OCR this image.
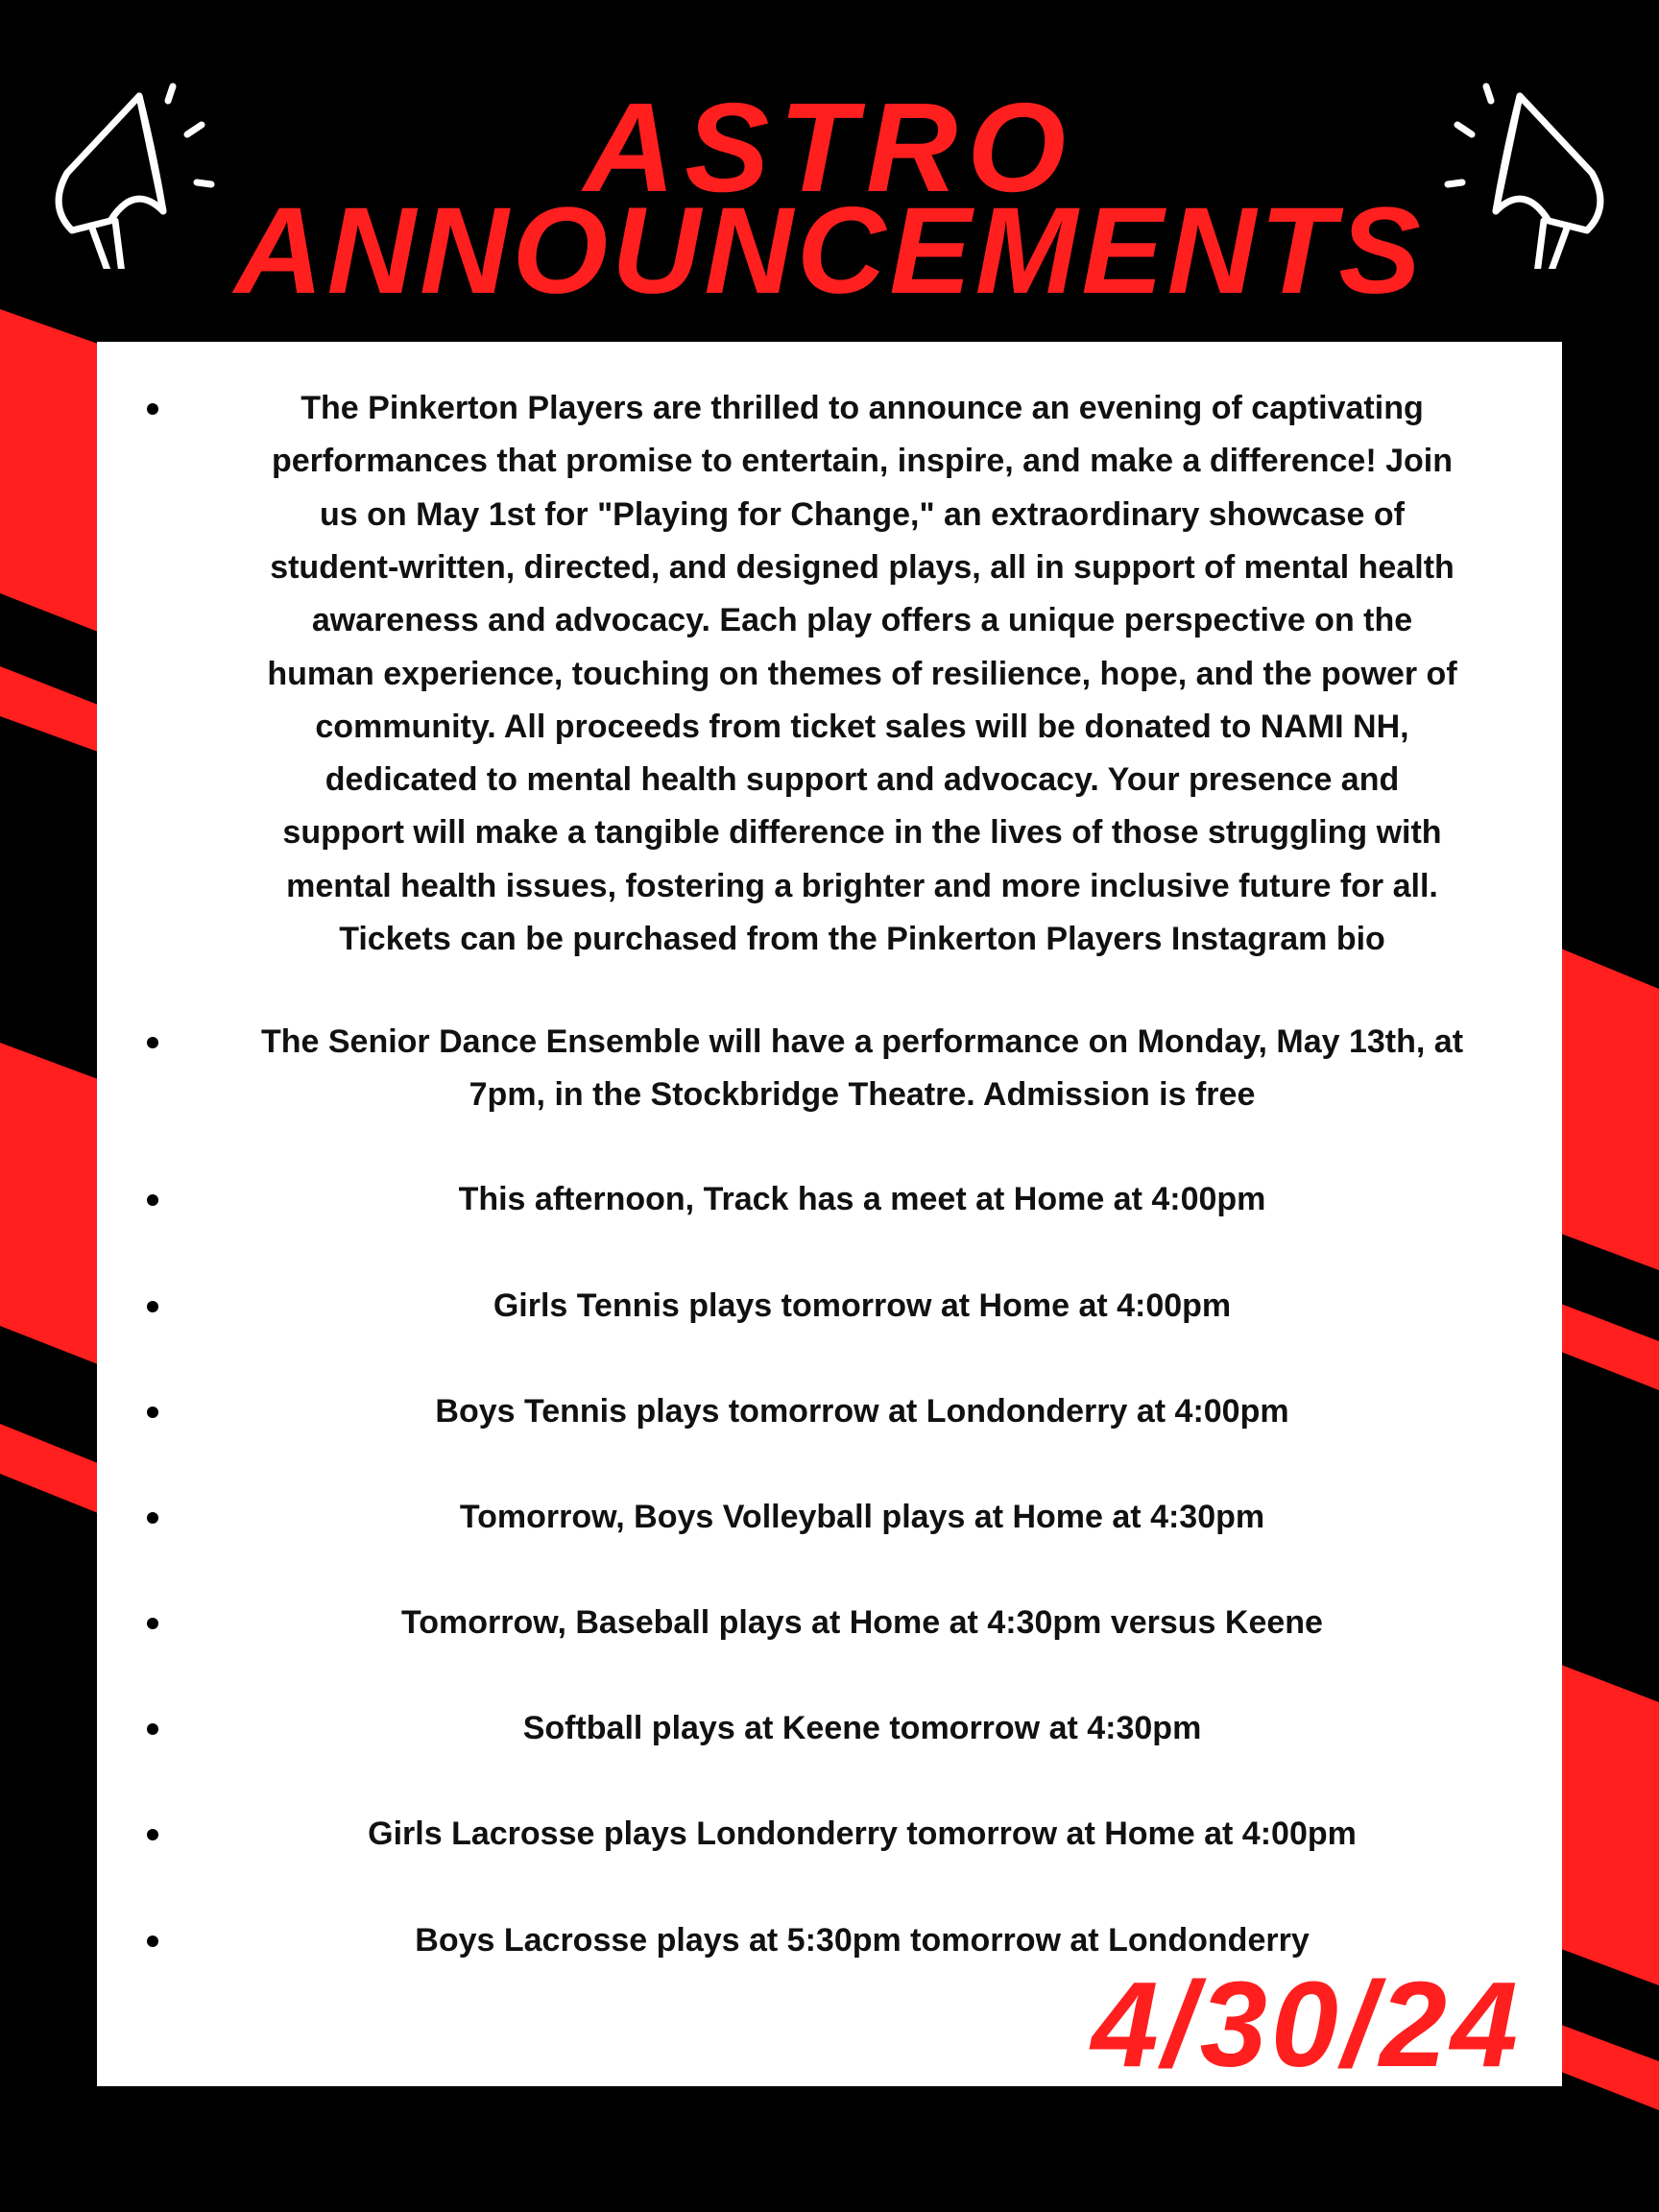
ASTRO
ANNOUNCEMENTS
The Pinkerton Players are thrilled to announce an evening of captivating
performances that promise to entertain, inspire, and make a difference! Join
us on May 1st for "Playing for Change," an extraordinary showcase of
student-written, directed, and designed plays, all in support of mental health
awareness and advocacy. Each play offers a unique perspective on the
human experience, touching on themes of resilience, hope, and the power of
community. All proceeds from ticket sales will be donated to NAMI NH,
dedicated to mental health support and advocacy. Your presence and
support will make a tangible difference in the lives of those struggling with
mental health issues, fostering a brighter and more inclusive future for all.
Tickets can be purchased from the Pinkerton Players Instagram bio
The Senior Dance Ensemble will have a performance on Monday, May 13th, at
7pm, in the Stockbridge Theatre. Admission is free
This afternoon, Track has a meet at Home at 4:00pm
Girls Tennis plays tomorrow at Home at 4:00pm
Boys Tennis plays tomorrow at Londonderry at 4:00pm
Tomorrow, Boys Volleyball plays at Home at 4:30pm
Tomorrow, Baseball plays at Home at 4:30pm versus Keene
Softball plays at Keene tomorrow at 4:30pm
Girls Lacrosse plays Londonderry tomorrow at Home at 4:00pm
Boys Lacrosse plays at 5:30pm tomorrow at Londonderry
4/30/24
